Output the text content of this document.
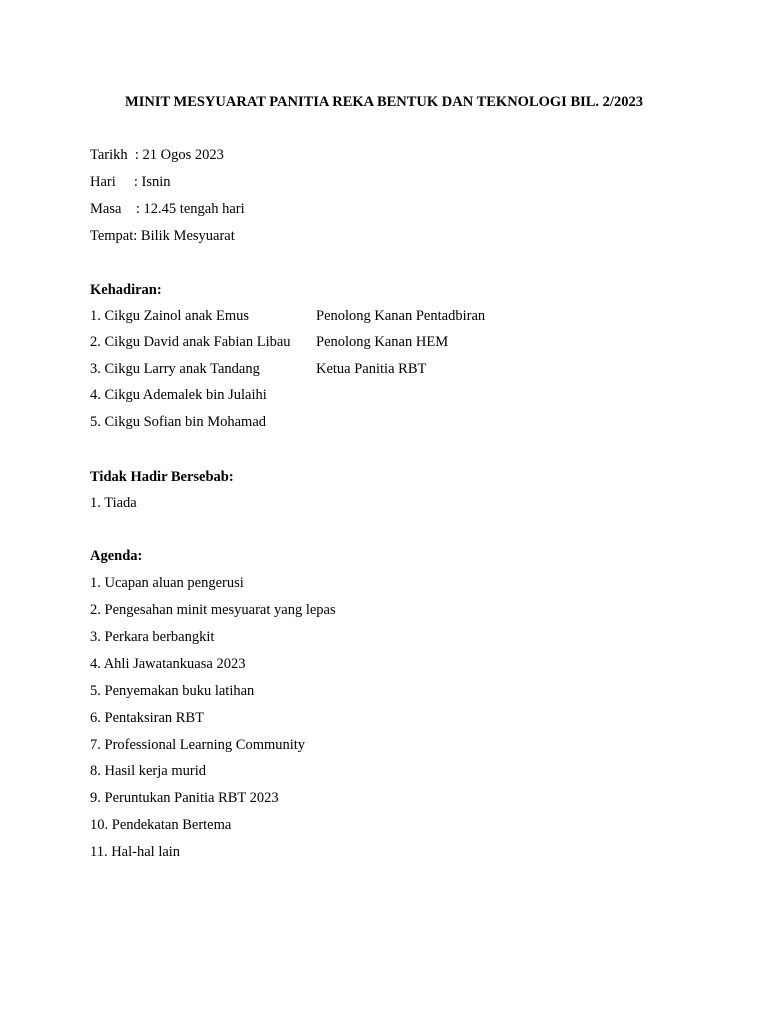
MINIT MESYUARAT PANITIA REKA BENTUK DAN TEKNOLOGI BIL. 2/2023
Tarikh  : 21 Ogos 2023
Hari     : Isnin
Masa    : 12.45 tengah hari
Tempat: Bilik Mesyuarat
Kehadiran:
1. Cikgu Zainol anak Emus	Penolong Kanan Pentadbiran
2. Cikgu David anak Fabian Libau Penolong Kanan HEM
3. Cikgu Larry anak Tandang	Ketua Panitia RBT
4. Cikgu Ademalek bin Julaihi
5. Cikgu Sofian bin Mohamad
Tidak Hadir Bersebab:
1. Tiada
Agenda:
1. Ucapan aluan pengerusi
2. Pengesahan minit mesyuarat yang lepas
3. Perkara berbangkit
4. Ahli Jawatankuasa 2023
5. Penyemakan buku latihan
6. Pentaksiran RBT
7. Professional Learning Community
8. Hasil kerja murid
9. Peruntukan Panitia RBT 2023
10. Pendekatan Bertema
11. Hal-hal lain
